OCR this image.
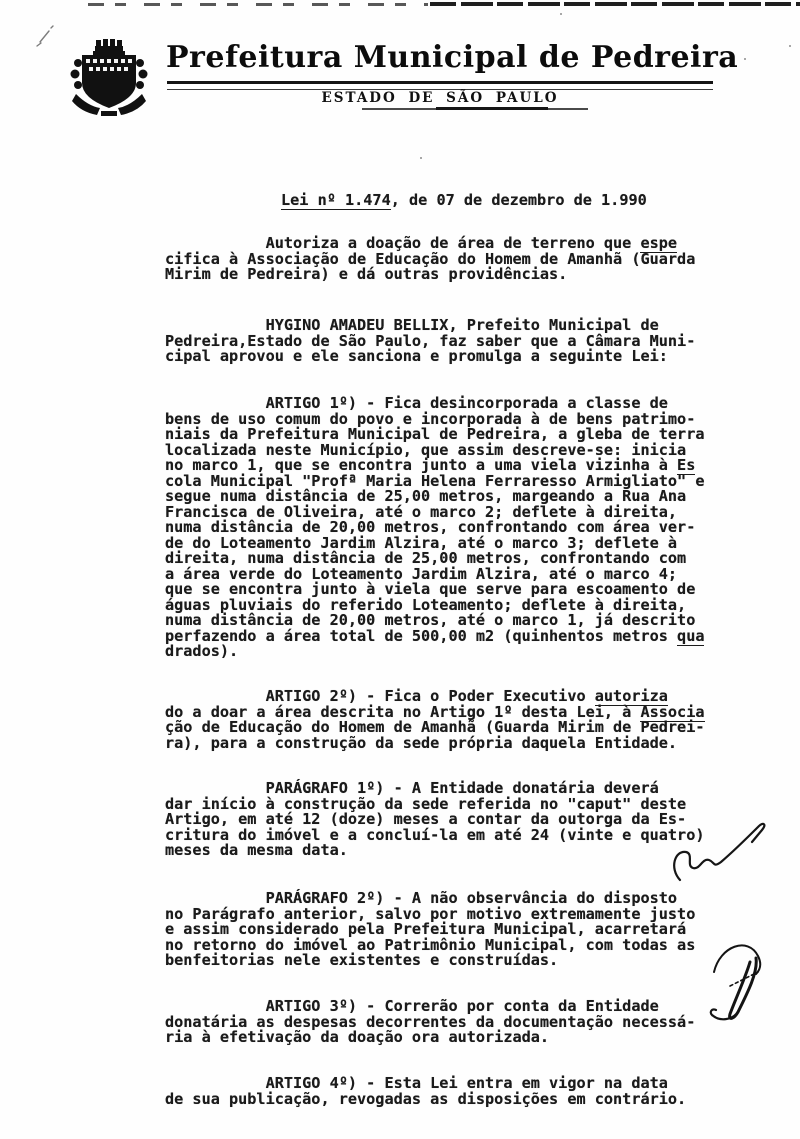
Prefeitura Municipal de Pedreira
ESTADO DE SÃO PAULO
Lei nº 1.474, de 07 de dezembro de 1.990
Autoriza a doação de área de terreno que espe
cifica à Associação de Educação do Homem de Amanhã (Guarda
Mirim de Pedreira) e dá outras providências.
HYGINO AMADEU BELLIX, Prefeito Municipal de
Pedreira,Estado de São Paulo, faz saber que a Câmara Muni-
cipal aprovou e ele sanciona e promulga a seguinte Lei:
ARTIGO 1º) - Fica desincorporada a classe de
bens de uso comum do povo e incorporada à de bens patrimo-
niais da Prefeitura Municipal de Pedreira, a gleba de terra
localizada neste Município, que assim descreve-se: inicia
no marco 1, que se encontra junto a uma viela vizinha à Es
cola Municipal "Profª Maria Helena Ferraresso Armigliato" e
segue numa distância de 25,00 metros, margeando a Rua Ana
Francisca de Oliveira, até o marco 2; deflete à direita,
numa distância de 20,00 metros, confrontando com área ver-
de do Loteamento Jardim Alzira, até o marco 3; deflete à
direita, numa distância de 25,00 metros, confrontando com
a área verde do Loteamento Jardim Alzira, até o marco 4;
que se encontra junto à viela que serve para escoamento de
águas pluviais do referido Loteamento; deflete à direita,
numa distância de 20,00 metros, até o marco 1, já descrito
perfazendo a área total de 500,00 m2 (quinhentos metros qua
drados).
ARTIGO 2º) - Fica o Poder Executivo autoriza
do a doar a área descrita no Artigo 1º desta Lei, à Associa
ção de Educação do Homem de Amanhã (Guarda Mirim de Pedrei-
ra), para a construção da sede própria daquela Entidade.
PARÁGRAFO 1º) - A Entidade donatária deverá
dar início à construção da sede referida no "caput" deste
Artigo, em até 12 (doze) meses a contar da outorga da Es-
critura do imóvel e a concluí-la em até 24 (vinte e quatro)
meses da mesma data.
PARÁGRAFO 2º) - A não observância do disposto
no Parágrafo anterior, salvo por motivo extremamente justo
e assim considerado pela Prefeitura Municipal, acarretará
no retorno do imóvel ao Patrimônio Municipal, com todas as
benfeitorias nele existentes e construídas.
ARTIGO 3º) - Correrão por conta da Entidade
donatária as despesas decorrentes da documentação necessá-
ria à efetivação da doação ora autorizada.
ARTIGO 4º) - Esta Lei entra em vigor na data
de sua publicação, revogadas as disposições em contrário.
